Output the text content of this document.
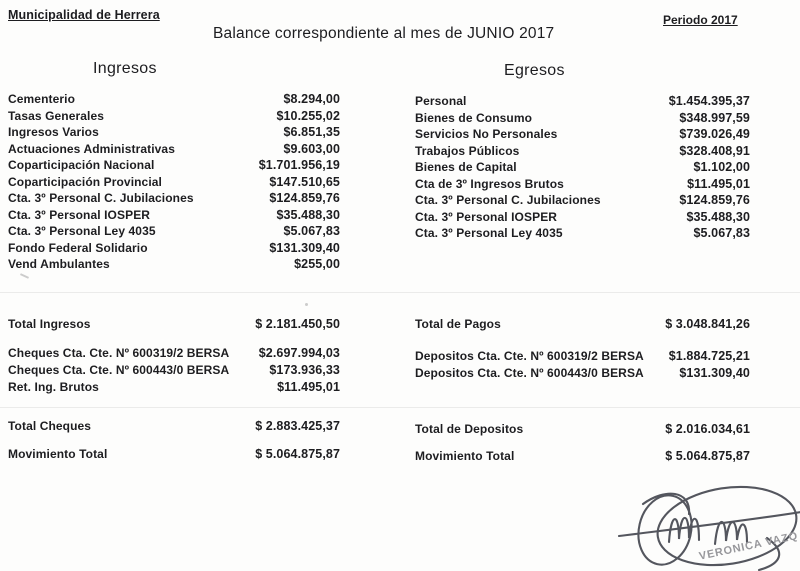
Municipalidad de Herrera
Balance correspondiente al mes de JUNIO 2017
Periodo 2017
Ingresos	Egresos
Cementerio	$8.294,00
Tasas Generales	$10.255,02
Ingresos Varios	$6.851,35
Actuaciones Administrativas	$9.603,00
Coparticipación Nacional	$1.701.956,19
Coparticipación Provincial	$147.510,65
Cta. 3º Personal C. Jubilaciones	$124.859,76
Cta. 3º Personal IOSPER	$35.488,30
Cta. 3º Personal Ley 4035	$5.067,83
Fondo Federal Solidario	$131.309,40
Vend Ambulantes	$255,00
Personal	$1.454.395,37
Bienes de Consumo	$348.997,59
Servicios No Personales	$739.026,49
Trabajos Públicos	$328.408,91
Bienes de Capital	$1.102,00
Cta de 3º Ingresos Brutos	$11.495,01
Cta. 3º Personal C. Jubilaciones	$124.859,76
Cta. 3º Personal IOSPER	$35.488,30
Cta. 3º Personal Ley 4035	$5.067,83
Total Ingresos	$ 2.181.450,50
Cheques Cta. Cte. Nº 600319/2 BERSA $2.697.994,03
Cheques Cta. Cte. Nº 600443/0 BERSA	$173.936,33
Ret. Ing. Brutos	$11.495,01
Total Cheques	$ 2.883.425,37
Movimiento Total	$ 5.064.875,87
Total de Pagos	$ 3.048.841,26
Depositos Cta. Cte. Nº 600319/2 BERSA $1.884.725,21
Depositos Cta. Cte. Nº 600443/0 BERSA	$131.309,40
Total de Depositos	$ 2.016.034,61
Movimiento Total	$ 5.064.875,87
VERONICA VAZQ
